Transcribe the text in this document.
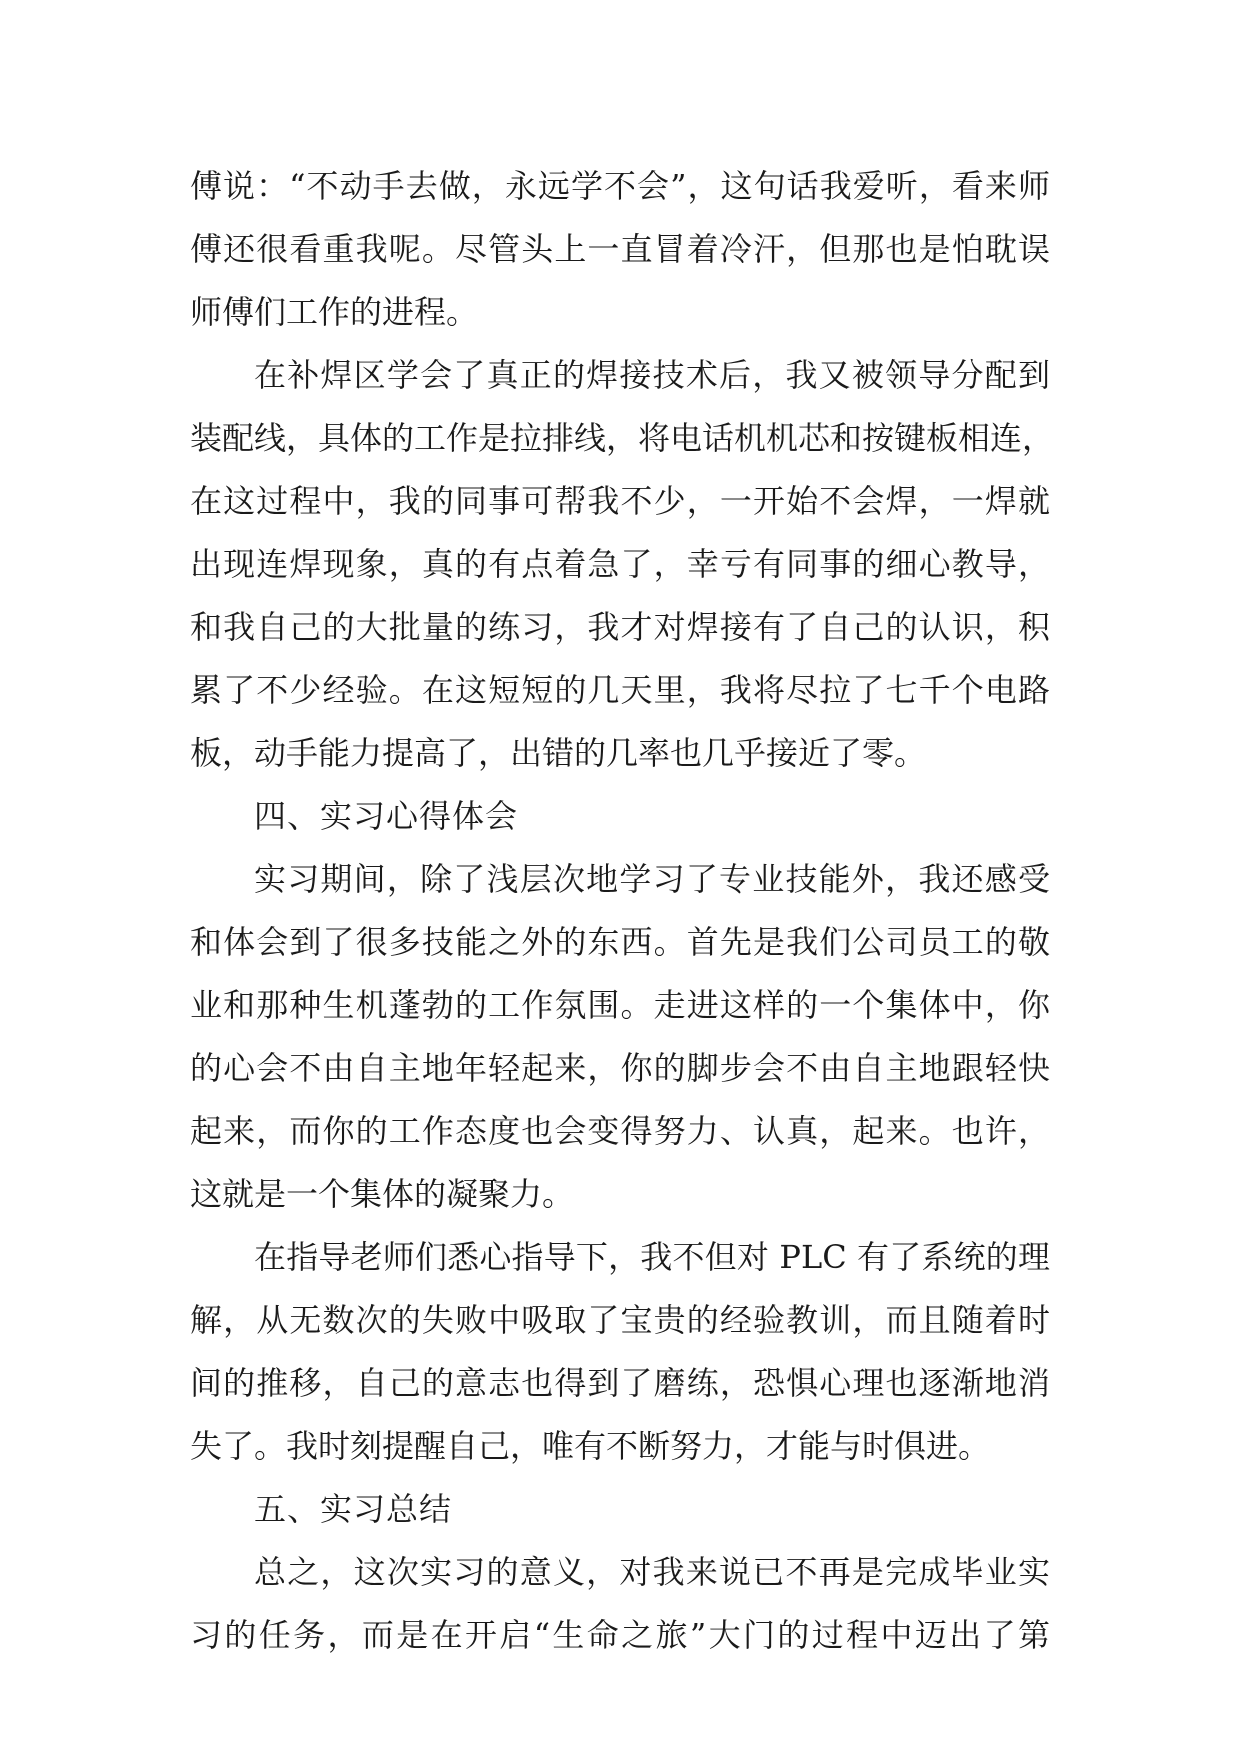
傅说：“不动手去做，永远学不会”，这句话我爱听，看来师
傅还很看重我呢。尽管头上一直冒着冷汗，但那也是怕耽误
师傅们工作的进程。
在补焊区学会了真正的焊接技术后，我又被领导分配到
装配线，具体的工作是拉排线，将电话机机芯和按键板相连，
在这过程中，我的同事可帮我不少，一开始不会焊，一焊就
出现连焊现象，真的有点着急了，幸亏有同事的细心教导，
和我自己的大批量的练习，我才对焊接有了自己的认识，积
累了不少经验。在这短短的几天里，我将尽拉了七千个电路
板，动手能力提高了，出错的几率也几乎接近了零。
四、实习心得体会
实习期间，除了浅层次地学习了专业技能外，我还感受
和体会到了很多技能之外的东西。首先是我们公司员工的敬
业和那种生机蓬勃的工作氛围。走进这样的一个集体中，你
的心会不由自主地年轻起来，你的脚步会不由自主地跟轻快
起来，而你的工作态度也会变得努力、认真，起来。也许，
这就是一个集体的凝聚力。
在指导老师们悉心指导下，我不但对 PLC 有了系统的理
解，从无数次的失败中吸取了宝贵的经验教训，而且随着时
间的推移，自己的意志也得到了磨练，恐惧心理也逐渐地消
失了。我时刻提醒自己，唯有不断努力，才能与时俱进。
五、实习总结
总之，这次实习的意义，对我来说已不再是完成毕业实
习的任务，而是在开启“生命之旅”大门的过程中迈出了第
